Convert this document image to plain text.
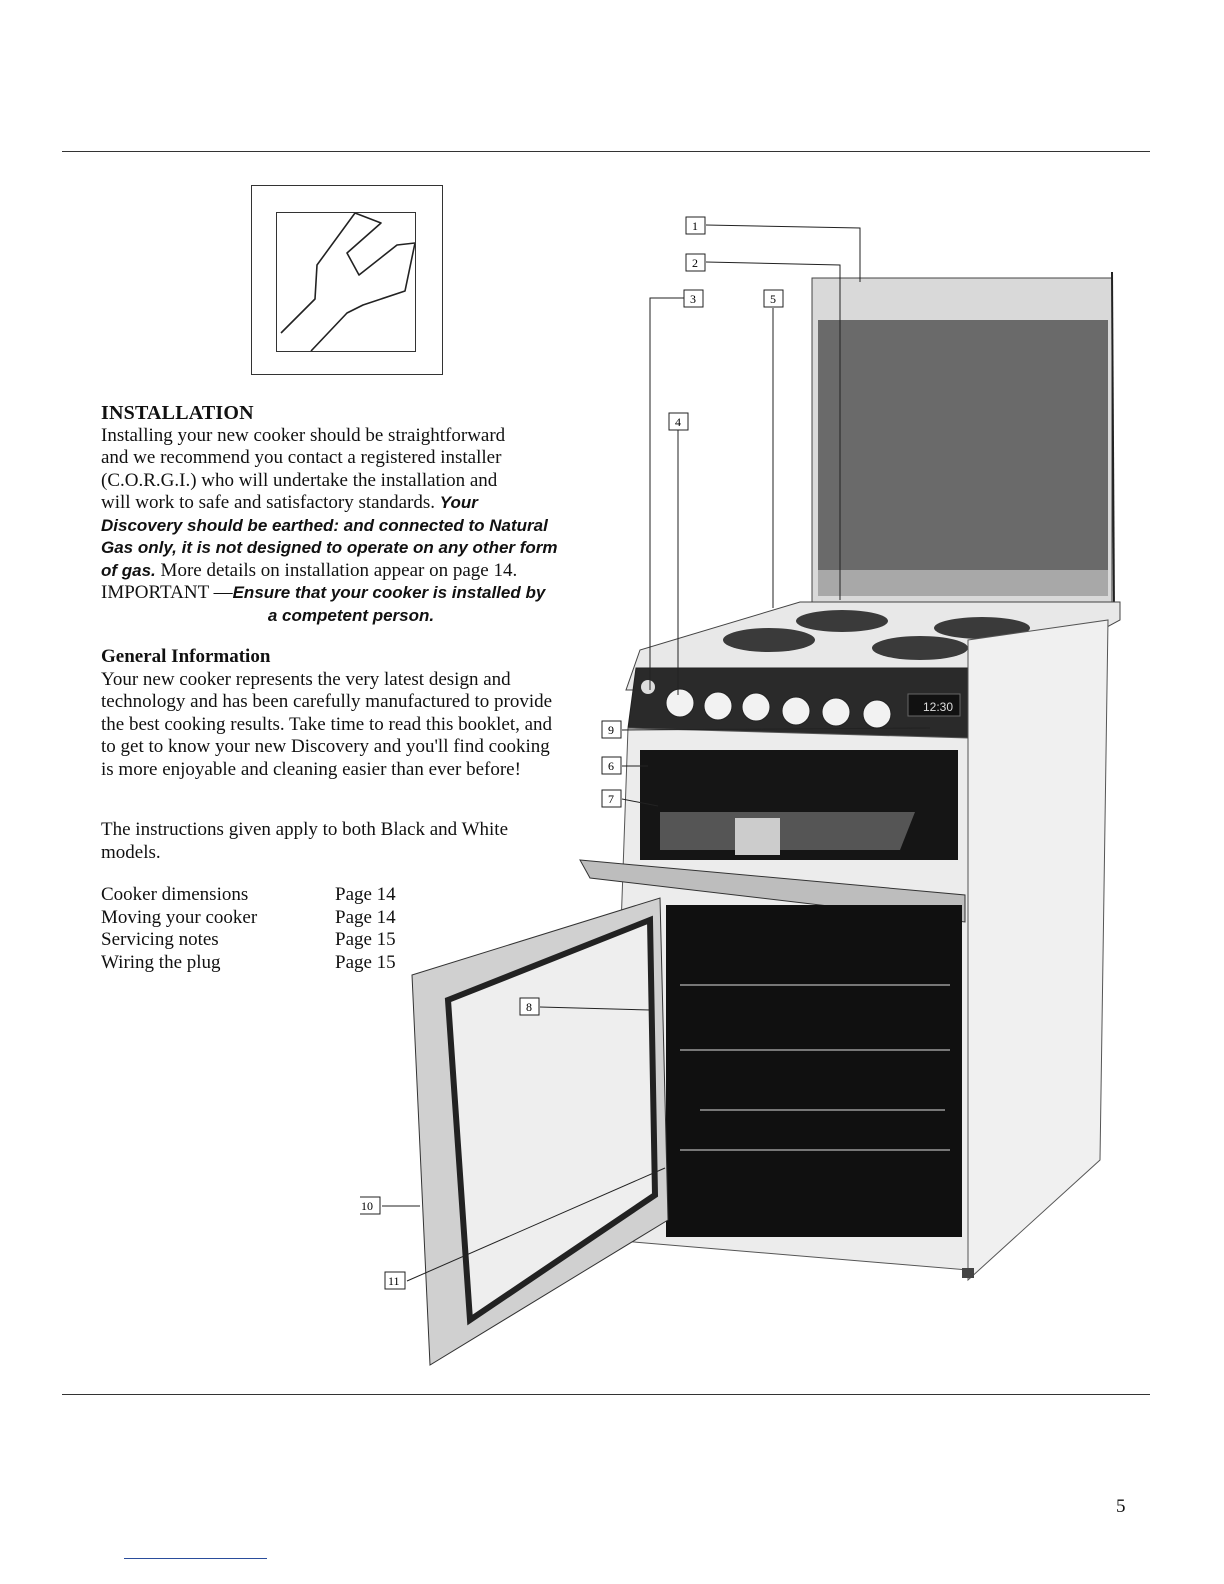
INSTALLATION
Installing your new cooker should be straightforward
and we recommend you contact a registered installer
(C.O.R.G.I.) who will undertake the installation and
will work to safe and satisfactory standards. Your
Discovery should be earthed: and connected to Natural
Gas only, it is not designed to operate on any other form
of gas. More details on installation appear on page 14.
IMPORTANT —Ensure that your cooker is installed by
a competent person.
General Information
Your new cooker represents the very latest design and
technology and has been carefully manufactured to provide
the best cooking results. Take time to read this booklet, and
to get to know your new Discovery and you'll find cooking
is more enjoyable and cleaning easier than ever before!
The instructions given apply to both Black and White
models.
Cooker dimensions	Page 14
Moving your cooker	Page 14
Servicing notes	Page 15
Wiring the plug	Page 15
12:30
1
2
3	5
4
9
6
7
8
10
11
5
